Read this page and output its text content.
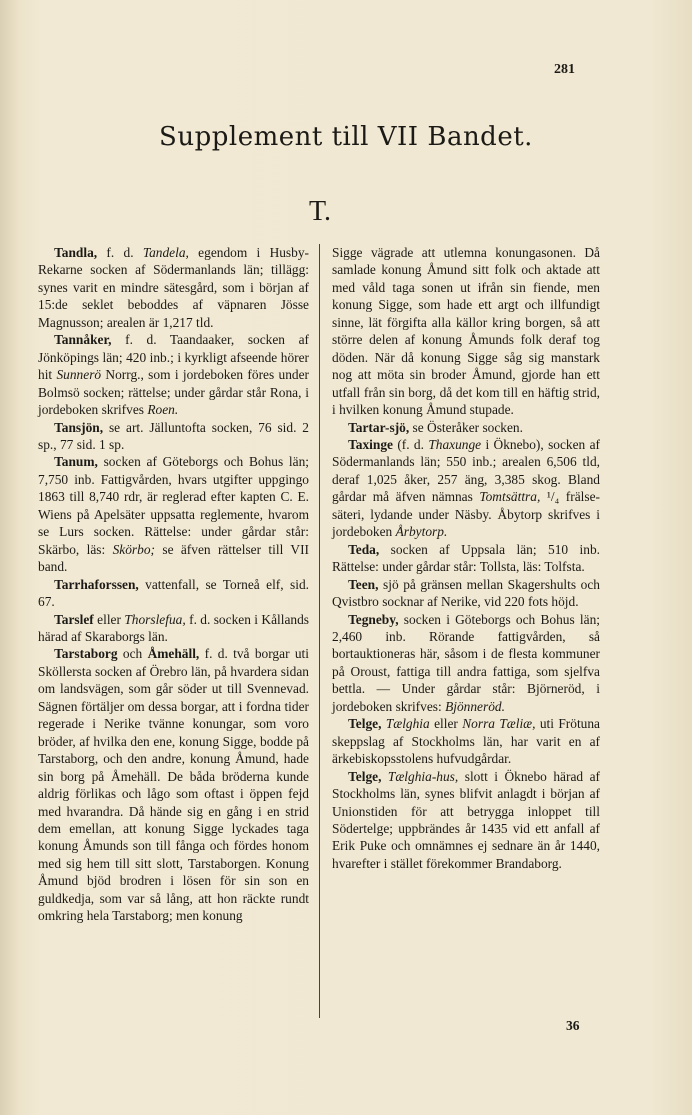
281
Supplement till VII Bandet.
T.

Tandla, f. d. Tandela, egendom i Husby-Rekarne socken af Södermanlands län; tillägg: synes varit en mindre sätesgård, som i början af 15:de seklet beboddes af väpnaren Jösse Magnusson; arealen är 1,217 tld.

Tannåker, f. d. Taandaaker, socken af Jönköpings län; 420 inb.; i kyrkligt afseende hörer hit Sunnerö Norrg., som i jordeboken föres under Bolmsö socken; rättelse; under gårdar står Rona, i jordeboken skrifves Roen.

Tansjön, se art. Jälluntofta socken, 76 sid. 2 sp., 77 sid. 1 sp.

Tanum, socken af Göteborgs och Bohus län; 7,750 inb. Fattigvården, hvars utgifter uppgingo 1863 till 8,740 rdr, är reglerad efter kapten C. E. Wiens på Apelsäter uppsatta reglemente, hvarom se Lurs socken. Rättelse: under gårdar står: Skärbo, läs: Skörbo; se äfven rättelser till VII band.

Tarrhaforssen, vattenfall, se Torneå elf, sid. 67.

Tarslef eller Thorslefua, f. d. socken i Kållands härad af Skaraborgs län.

Tarstaborg och Åmehäll, f. d. två borgar uti Sköllersta socken af Örebro län, på hvardera sidan om landsvägen, som går söder ut till Svennevad. Sägnen förtäljer om dessa borgar, att i fordna tider regerade i Nerike tvänne konungar, som voro bröder, af hvilka den ene, konung Sigge, bodde på Tarstaborg, och den andre, konung Åmund, hade sin borg på Åmehäll. De båda bröderna kunde aldrig förlikas och lågo som oftast i öppen fejd med hvarandra. Då hände sig en gång i en strid dem emellan, att konung Sigge lyckades taga konung Åmunds son till fånga och fördes honom med sig hem till sitt slott, Tarstaborgen. Konung Åmund bjöd brodren i lösen för sin son en guldkedja, som var så lång, att hon räckte rundt omkring hela Tarstaborg; men konung

Sigge vägrade att utlemna konungasonen. Då samlade konung Åmund sitt folk och aktade att med våld taga sonen ut ifrån sin fiende, men konung Sigge, som hade ett argt och illfundigt sinne, lät förgifta alla källor kring borgen, så att större delen af konung Åmunds folk deraf tog döden. När då konung Sigge såg sig manstark nog att möta sin broder Åmund, gjorde han ett utfall från sin borg, då det kom till en häftig strid, i hvilken konung Åmund stupade.

Tartar-sjö, se Österåker socken.

Taxinge (f. d. Thaxunge i Öknebo), socken af Södermanlands län; 550 inb.; arealen 6,506 tld, deraf 1,025 åker, 257 äng, 3,385 skog. Bland gårdar må äfven nämnas Tomtsättra, ¹/₄ frälse-säteri, lydande under Näsby. Åbytorp skrifves i jordeboken Årbytorp.

Teda, socken af Uppsala län; 510 inb. Rättelse: under gårdar står: Tollsta, läs: Tolfsta.

Teen, sjö på gränsen mellan Skagershults och Qvistbro socknar af Nerike, vid 220 fots höjd.

Tegneby, socken i Göteborgs och Bohus län; 2,460 inb. Rörande fattigvården, så bortauktioneras här, såsom i de flesta kommuner på Oroust, fattiga till andra fattiga, som sjelfva bettla. — Under gårdar står: Björneröd, i jordeboken skrifves: Bjönneröd.

Telge, Tælghia eller Norra Tæliæ, uti Frötuna skeppslag af Stockholms län, har varit en af ärkebiskopsstolens hufvudgårdar.

Telge, Tælghia-hus, slott i Öknebo härad af Stockholms län, synes blifvit anlagdt i början af Unionstiden för att betrygga inloppet till Södertelge; uppbrändes år 1435 vid ett anfall af Erik Puke och omnämnes ej sednare än år 1440, hvarefter i stället förekommer Brandaborg.

36
